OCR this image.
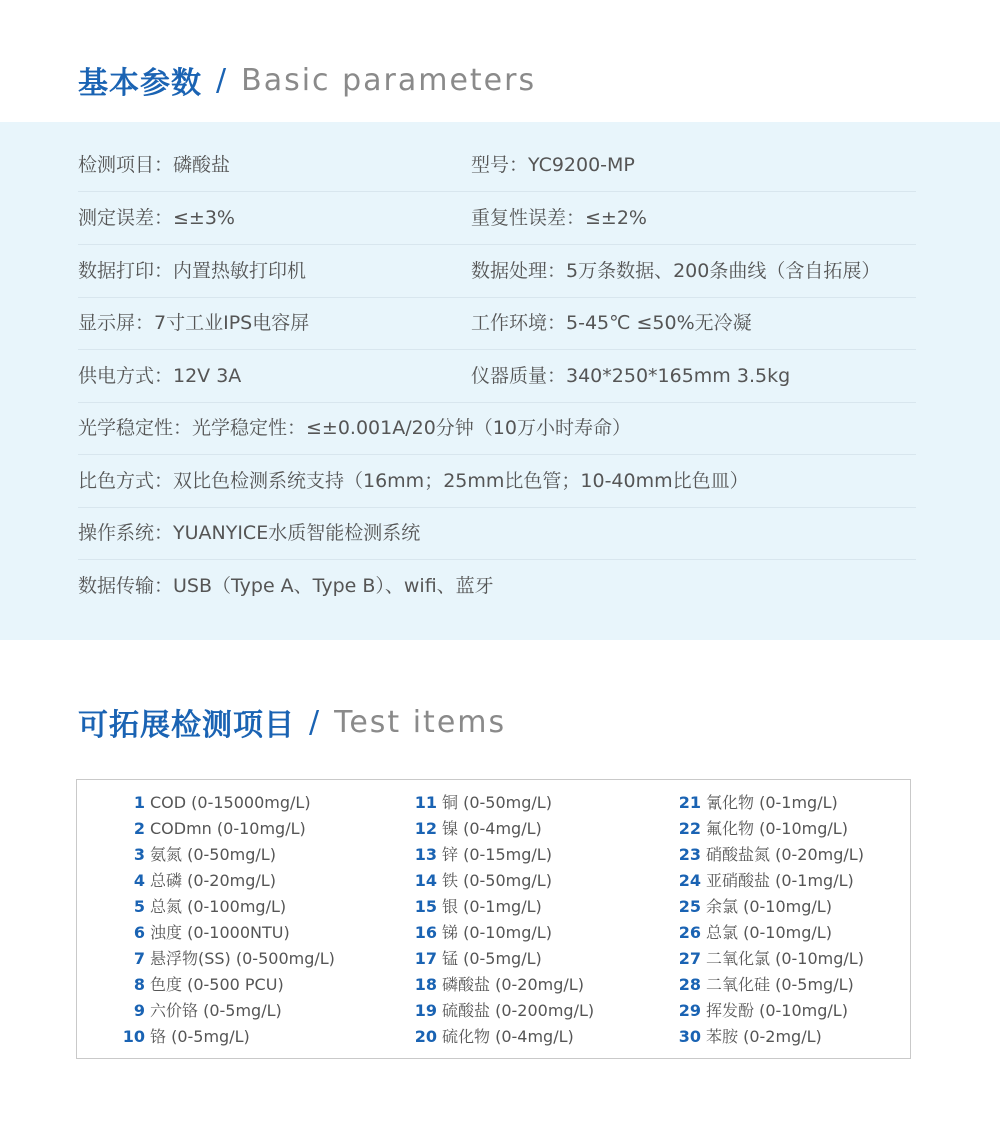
基本参数 / Basic parameters
检测项目：磷酸盐	型号：YC9200-MP
测定误差：≤±3%	重复性误差：≤±2%
数据打印：内置热敏打印机	数据处理：5万条数据、200条曲线（含自拓展）
显示屏：7寸工业IPS电容屏	工作环境：5-45℃ ≤50%无冷凝
供电方式：12V 3A	仪器质量：340*250*165mm 3.5kg
光学稳定性：光学稳定性：≤±0.001A/20分钟（10万小时寿命）
比色方式：双比色检测系统支持（16mm；25mm比色管；10-40mm比色皿）
操作系统：YUANYICE水质智能检测系统
数据传输：USB（Type A、Type B）、wifi、蓝牙
可拓展检测项目 / Test items
1 COD (0-15000mg/L)
2 CODmn (0-10mg/L)
3 氨氮 (0-50mg/L)
4 总磷 (0-20mg/L)
5 总氮 (0-100mg/L)
6 浊度 (0-1000NTU)
7 悬浮物(SS) (0-500mg/L)
8 色度 (0-500 PCU)
9 六价铬 (0-5mg/L)
10 铬 (0-5mg/L)
11 铜 (0-50mg/L)
12 镍 (0-4mg/L)
13 锌 (0-15mg/L)
14 铁 (0-50mg/L)
15 银 (0-1mg/L)
16 锑 (0-10mg/L)
17 锰 (0-5mg/L)
18 磷酸盐 (0-20mg/L)
19 硫酸盐 (0-200mg/L)
20 硫化物 (0-4mg/L)
21 氰化物 (0-1mg/L)
22 氟化物 (0-10mg/L)
23 硝酸盐氮 (0-20mg/L)
24 亚硝酸盐 (0-1mg/L)
25 余氯 (0-10mg/L)
26 总氯 (0-10mg/L)
27 二氧化氯 (0-10mg/L)
28 二氧化硅 (0-5mg/L)
29 挥发酚 (0-10mg/L)
30 苯胺 (0-2mg/L)
